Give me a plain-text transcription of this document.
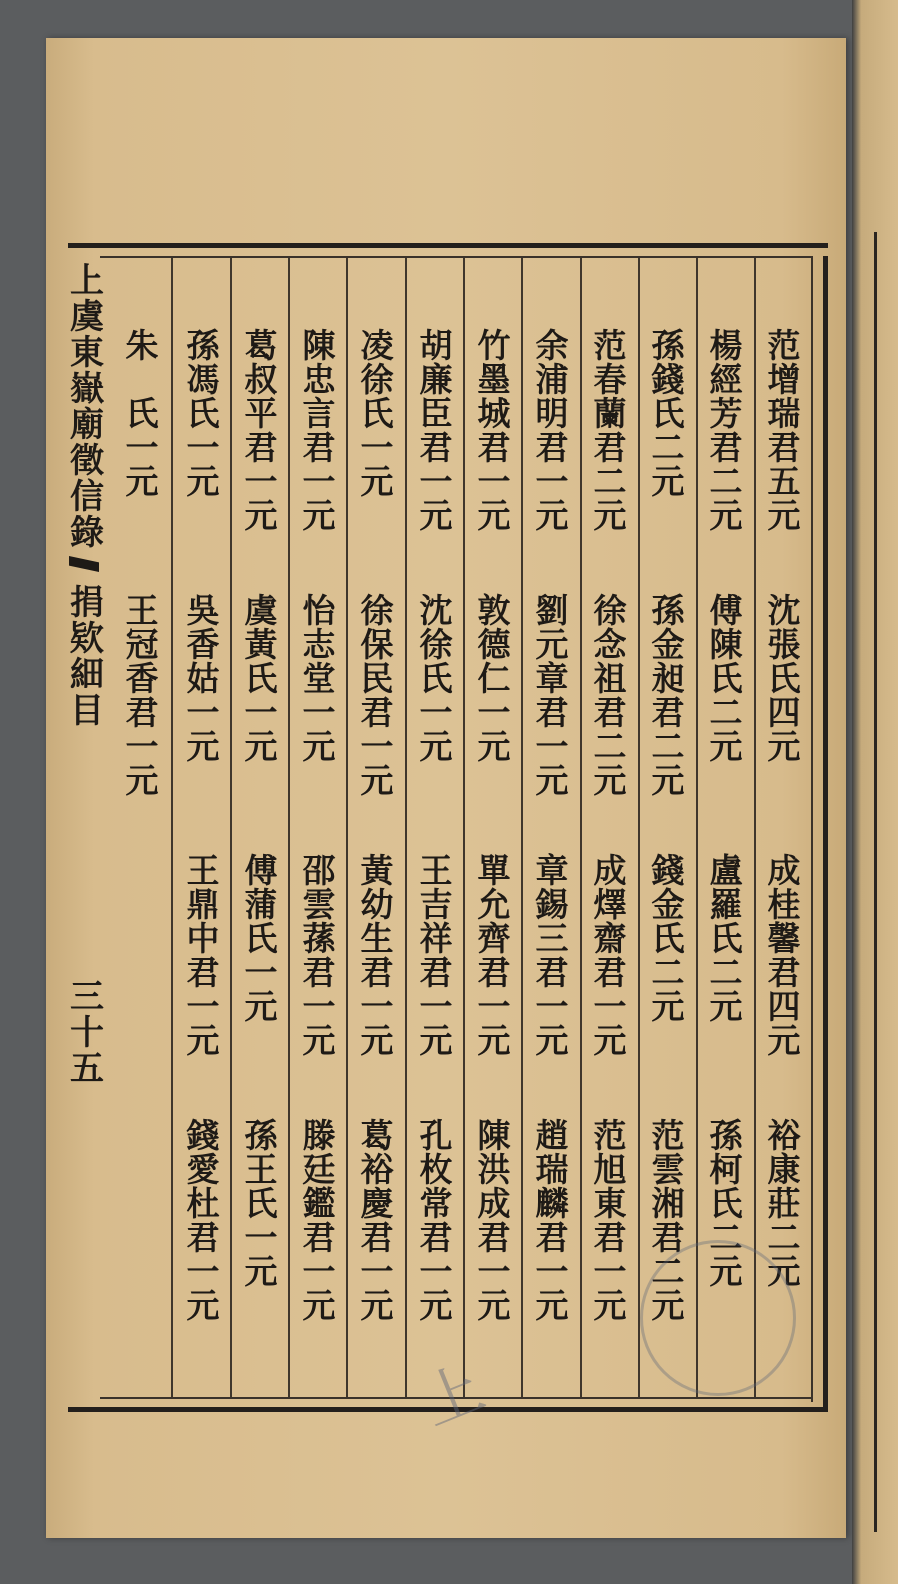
上虞東嶽廟徵信錄
捐欵細目
三十五
范增瑞君五元
沈張氏四元
成桂馨君四元
裕康莊二元
楊經芳君二元
傅陳氏二元
盧羅氏二元
孫柯氏二元
孫錢氏二元
孫金昶君二元
錢金氏二元
范雲湘君二元
范春蘭君二元
徐念祖君二元
成燡齋君一元
范旭東君一元
余浦明君一元
劉元章君一元
章錫三君一元
趙瑞麟君一元
竹墨城君一元
敦德仁一元
單允齊君一元
陳洪成君一元
胡廉臣君一元
沈徐氏一元
王吉祥君一元
孔枚常君一元
凌徐氏一元
徐保民君一元
黃幼生君一元
葛裕慶君一元
陳忠言君一元
怡志堂一元
邵雲蓀君一元
滕廷鑑君一元
葛叔平君一元
虞黃氏一元
傅蒲氏一元
孫王氏一元
孫馮氏一元
吳香姑一元
王鼎中君一元
錢愛杜君一元
朱　氏一元
王冠香君一元
上
